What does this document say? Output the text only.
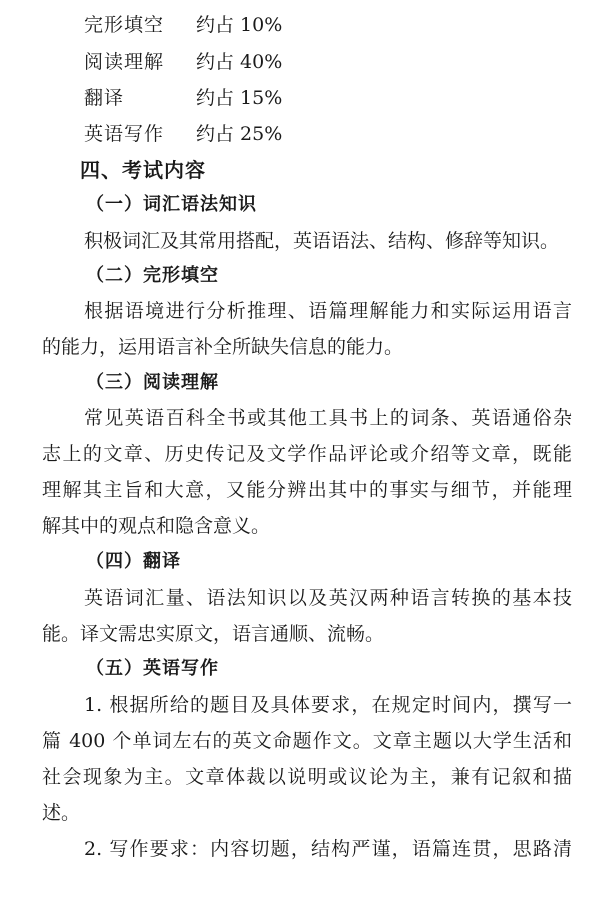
完形填空 约占 10%
阅读理解 约占 40%
翻译	约占 15%
英语写作 约占 25%
四、考试内容
（一）词汇语法知识
积极词汇及其常用搭配，英语语法、结构、修辞等知识。
（二）完形填空
根据语境进行分析推理、语篇理解能力和实际运用语言
的能力，运用语言补全所缺失信息的能力。
（三）阅读理解
常见英语百科全书或其他工具书上的词条、英语通俗杂
志上的文章、历史传记及文学作品评论或介绍等文章，既能
理解其主旨和大意，又能分辨出其中的事实与细节，并能理
解其中的观点和隐含意义。
（四）翻译
英语词汇量、语法知识以及英汉两种语言转换的基本技
能。译文需忠实原文，语言通顺、流畅。
（五）英语写作
1. 根据所给的题目及具体要求，在规定时间内，撰写一
篇 400 个单词左右的英文命题作文。文章主题以大学生活和
社会现象为主。文章体裁以说明或议论为主，兼有记叙和描
述。
2. 写作要求：内容切题，结构严谨，语篇连贯，思路清
